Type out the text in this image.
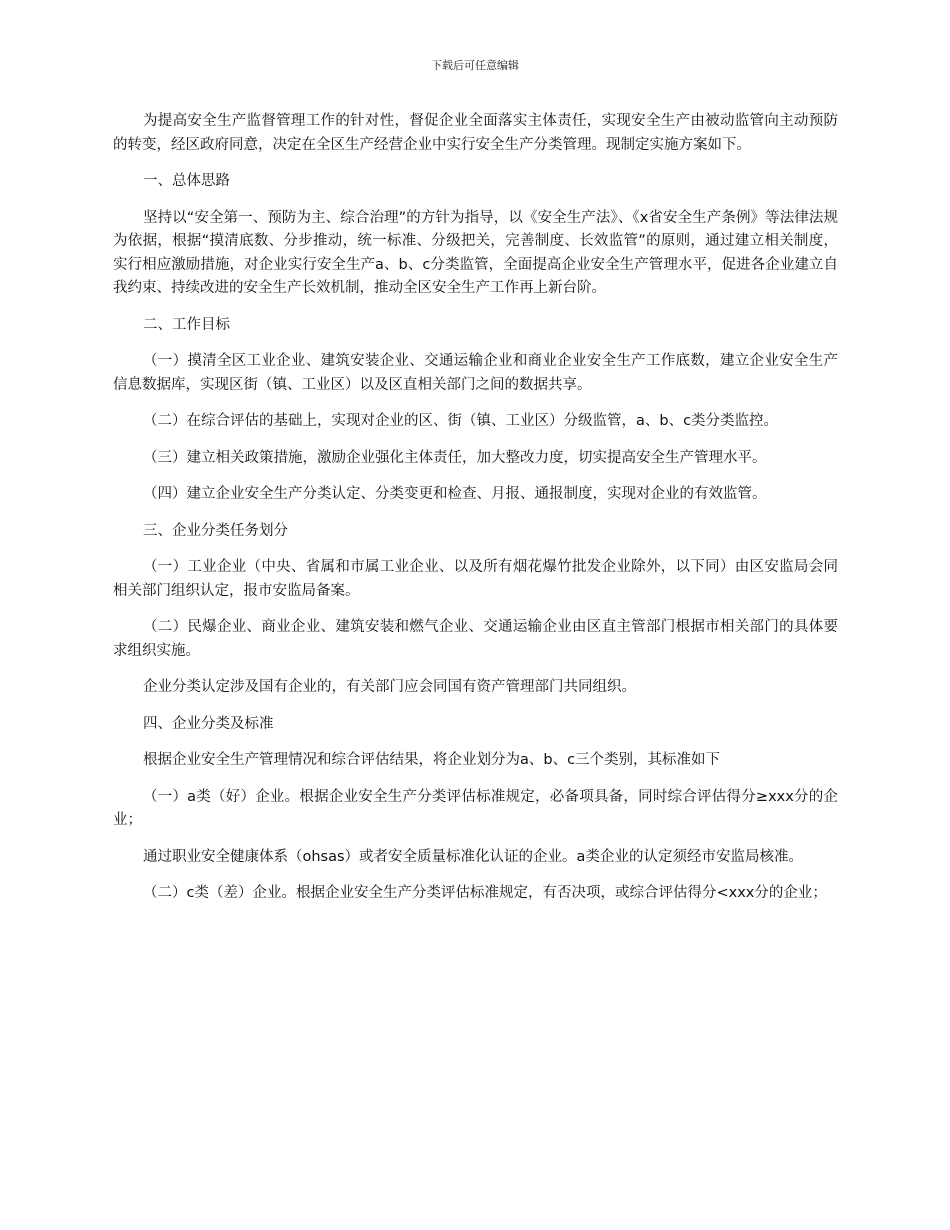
下载后可任意编辑

为提高安全生产监督管理工作的针对性，督促企业全面落实主体责任，实现安全生产由被动监管向主动预防的转变，经区政府同意，决定在全区生产经营企业中实行安全生产分类管理。现制定实施方案如下。

一、总体思路

坚持以“安全第一、预防为主、综合治理”的方针为指导，以《安全生产法》、《x省安全生产条例》等法律法规为依据，根据“摸清底数、分步推动，统一标准、分级把关，完善制度、长效监管”的原则，通过建立相关制度，实行相应激励措施，对企业实行安全生产a、b、c分类监管，全面提高企业安全生产管理水平，促进各企业建立自我约束、持续改进的安全生产长效机制，推动全区安全生产工作再上新台阶。

二、工作目标

（一）摸清全区工业企业、建筑安装企业、交通运输企业和商业企业安全生产工作底数，建立企业安全生产信息数据库，实现区街（镇、工业区）以及区直相关部门之间的数据共享。

（二）在综合评估的基础上，实现对企业的区、街（镇、工业区）分级监管，a、b、c类分类监控。

（三）建立相关政策措施，激励企业强化主体责任，加大整改力度，切实提高安全生产管理水平。

（四）建立企业安全生产分类认定、分类变更和检查、月报、通报制度，实现对企业的有效监管。

三、企业分类任务划分

（一）工业企业（中央、省属和市属工业企业、以及所有烟花爆竹批发企业除外，以下同）由区安监局会同相关部门组织认定，报市安监局备案。

（二）民爆企业、商业企业、建筑安装和燃气企业、交通运输企业由区直主管部门根据市相关部门的具体要求组织实施。

企业分类认定涉及国有企业的，有关部门应会同国有资产管理部门共同组织。

四、企业分类及标准

根据企业安全生产管理情况和综合评估结果，将企业划分为a、b、c三个类别，其标准如下

（一）a类（好）企业。根据企业安全生产分类评估标准规定，必备项具备，同时综合评估得分≥xxx分的企业；

通过职业安全健康体系（ohsas）或者安全质量标准化认证的企业。a类企业的认定须经市安监局核准。

（二）c类（差）企业。根据企业安全生产分类评估标准规定，有否决项，或综合评估得分<xxx分的企业；
